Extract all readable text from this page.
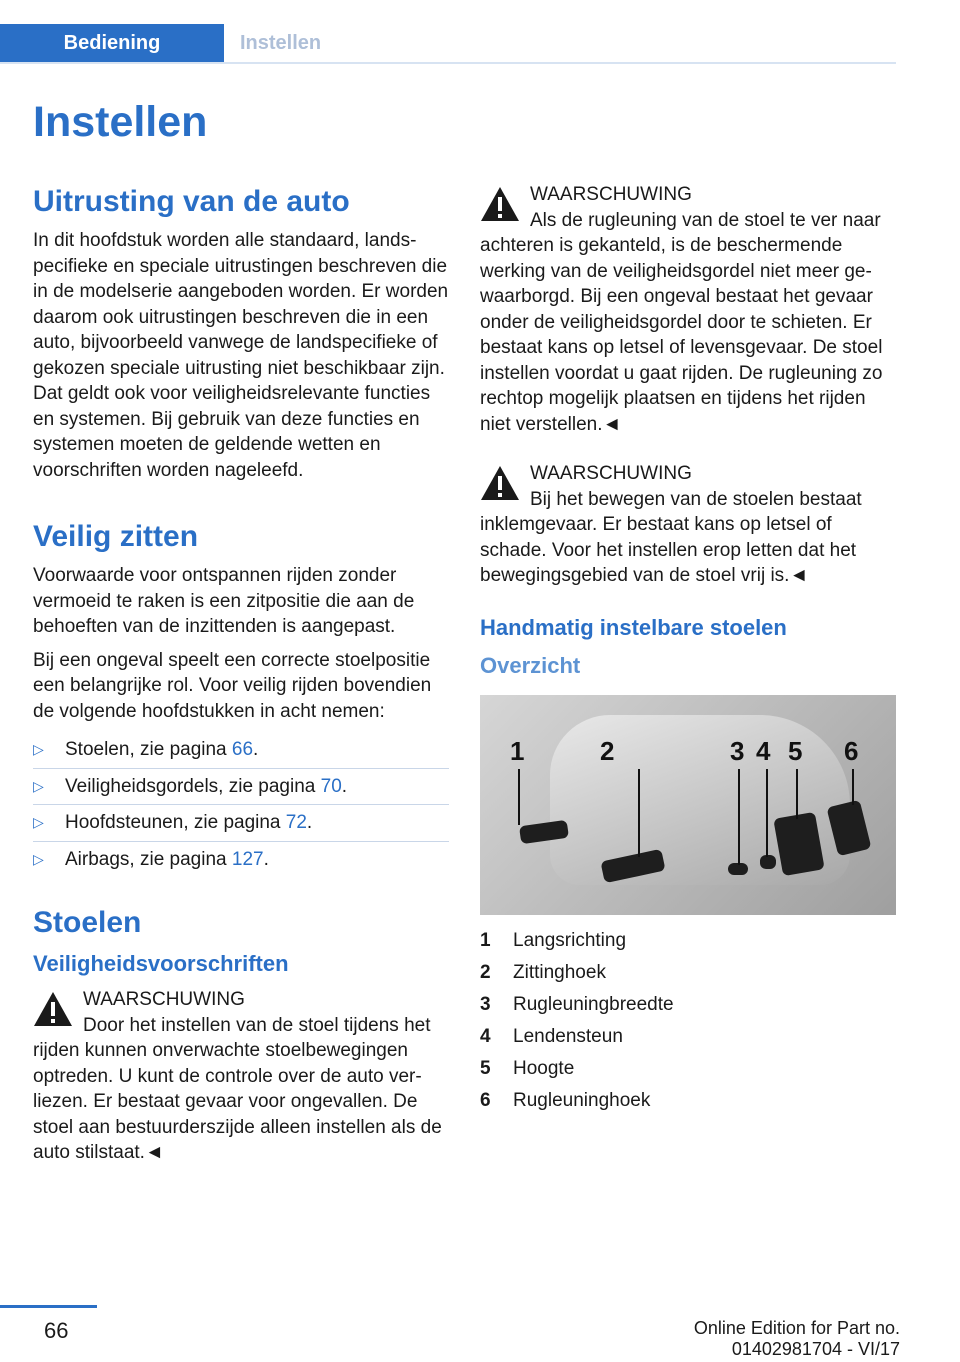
Bediening	Instellen
Instellen
Uitrusting van de auto

In dit hoofdstuk worden alle standaard, landspecifieke en speciale uitrustingen beschreven die in de modelserie aangeboden worden. Er worden daarom ook uitrustingen beschreven die in een auto, bijvoorbeeld vanwege de landspecifieke of gekozen speciale uitrusting niet beschikbaar zijn. Dat geldt ook voor veiligheidsrelevante functies en systemen. Bij gebruik van deze functies en systemen moeten de geldende wetten en voorschriften worden nageleefd.

Veilig zitten

Voorwaarde voor ontspannen rijden zonder vermoeid te raken is een zitpositie die aan de behoeften van de inzittenden is aangepast.

Bij een ongeval speelt een correcte stoelpositie een belangrijke rol. Voor veilig rijden bovendien de volgende hoofdstukken in acht nemen:

▷ Stoelen, zie pagina 66.
▷ Veiligheidsgordels, zie pagina 70.
▷ Hoofdsteunen, zie pagina 72.
▷ Airbags, zie pagina 127.
Stoelen
Veiligheidsvoorschriften
WAARSCHUWING
Door het instellen van de stoel tijdens het rijden kunnen onverwachte stoelbewegingen optreden. U kunt de controle over de auto verliezen. Er bestaat gevaar voor ongevallen. De stoel aan bestuurderszijde alleen instellen als de auto stilstaat.◄
WAARSCHUWING
Als de rugleuning van de stoel te ver naar achteren is gekanteld, is de beschermende werking van de veiligheidsgordel niet meer gewaarborgd. Bij een ongeval bestaat het gevaar onder de veiligheidsgordel door te schieten. Er bestaat kans op letsel of levensgevaar. De stoel instellen voordat u gaat rijden. De rugleuning zo rechtop mogelijk plaatsen en tijdens het rijden niet verstellen.◄
WAARSCHUWING
Bij het bewegen van de stoelen bestaat inklemgevaar. Er bestaat kans op letsel of schade. Voor het instellen erop letten dat het bewegingsgebied van de stoel vrij is.◄
Handmatig instelbare stoelen
Overzicht
1	2	3 4 5 6
1	Langsrichting
2	Zittinghoek
3	Rugleuningbreedte
4	Lendensteun
5	Hoogte
6	Rugleuninghoek
66	Online Edition for Part no. 01402981704 - VI/17
